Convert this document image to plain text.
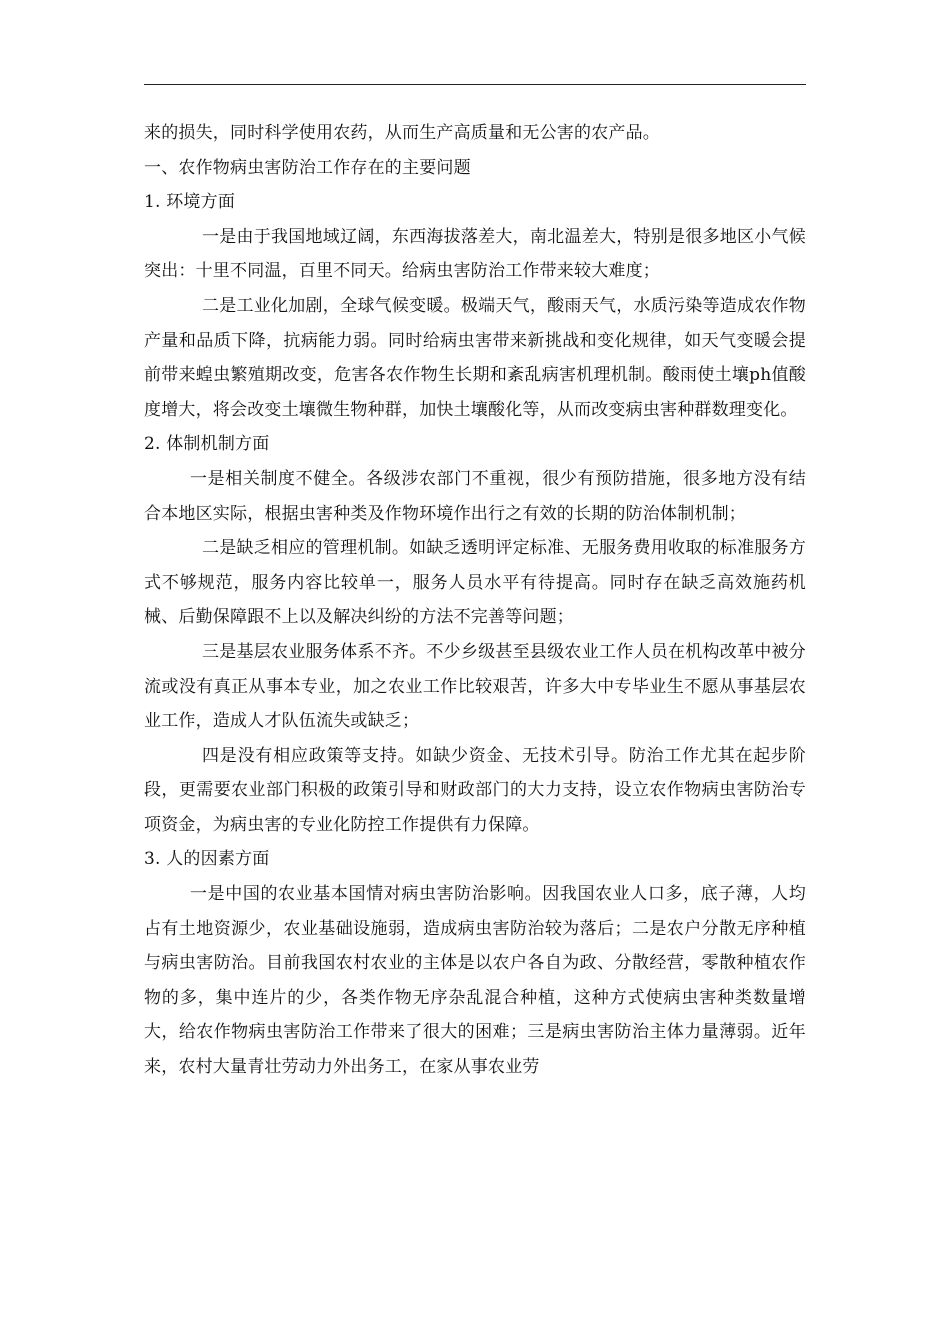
来的损失，同时科学使用农药，从而生产高质量和无公害的农产品。

一、农作物病虫害防治工作存在的主要问题

1. 环境方面

一是由于我国地域辽阔，东西海拔落差大，南北温差大，特别是很多地区小气候突出：十里不同温，百里不同天。给病虫害防治工作带来较大难度；

二是工业化加剧，全球气候变暖。极端天气，酸雨天气，水质污染等造成农作物产量和品质下降，抗病能力弱。同时给病虫害带来新挑战和变化规律，如天气变暖会提前带来蝗虫繁殖期改变，危害各农作物生长期和紊乱病害机理机制。酸雨使土壤ph值酸度增大，将会改变土壤微生物种群，加快土壤酸化等，从而改变病虫害种群数理变化。

2. 体制机制方面

一是相关制度不健全。各级涉农部门不重视，很少有预防措施，很多地方没有结合本地区实际，根据虫害种类及作物环境作出行之有效的长期的防治体制机制；

二是缺乏相应的管理机制。如缺乏透明评定标准、无服务费用收取的标准服务方式不够规范，服务内容比较单一，服务人员水平有待提高。同时存在缺乏高效施药机械、后勤保障跟不上以及解决纠纷的方法不完善等问题；

三是基层农业服务体系不齐。不少乡级甚至县级农业工作人员在机构改革中被分流或没有真正从事本专业，加之农业工作比较艰苦，许多大中专毕业生不愿从事基层农业工作，造成人才队伍流失或缺乏；

四是没有相应政策等支持。如缺少资金、无技术引导。防治工作尤其在起步阶段，更需要农业部门积极的政策引导和财政部门的大力支持，设立农作物病虫害防治专项资金，为病虫害的专业化防控工作提供有力保障。

3. 人的因素方面

一是中国的农业基本国情对病虫害防治影响。因我国农业人口多，底子薄，人均占有土地资源少，农业基础设施弱，造成病虫害防治较为落后；二是农户分散无序种植与病虫害防治。目前我国农村农业的主体是以农户各自为政、分散经营，零散种植农作物的多，集中连片的少，各类作物无序杂乱混合种植，这种方式使病虫害种类数量增大，给农作物病虫害防治工作带来了很大的困难；三是病虫害防治主体力量薄弱。近年来，农村大量青壮劳动力外出务工，在家从事农业劳
